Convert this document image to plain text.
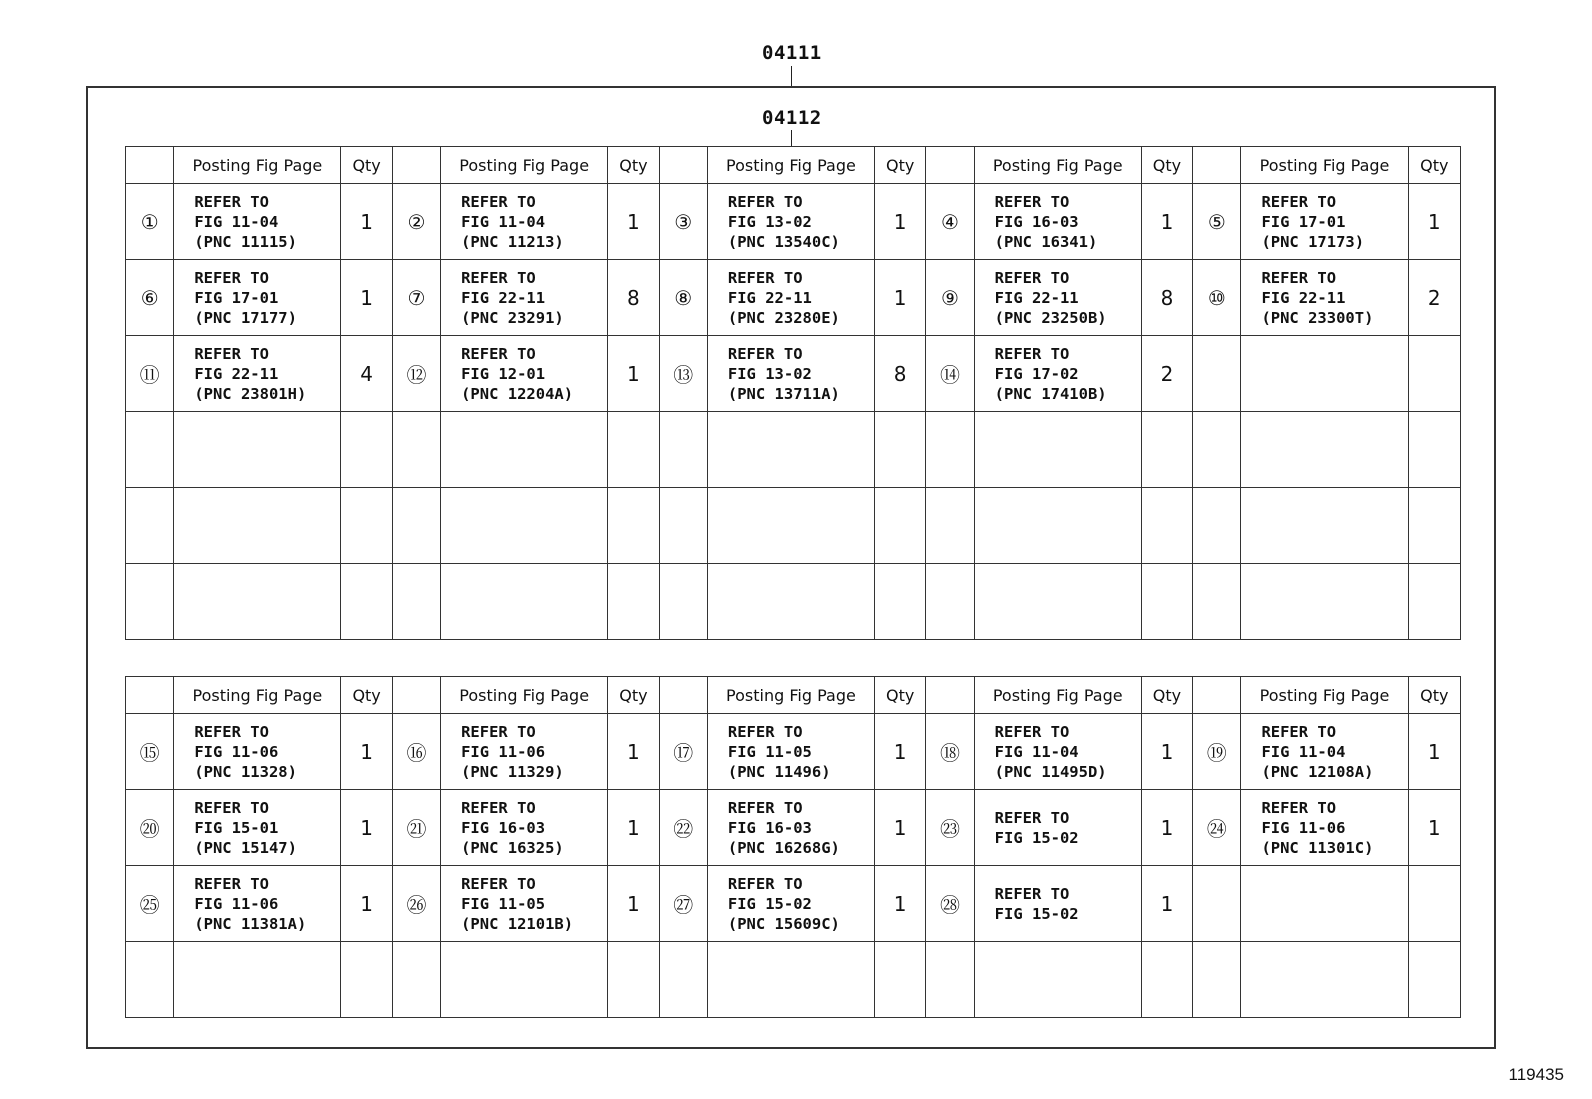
04111
04112
	Posting Fig Page	Qty		Posting Fig Page	Qty		Posting Fig Page	Qty		Posting Fig Page	Qty		Posting Fig Page	Qty
①	REFER TO
FIG 11-04
(PNC 11115)	1	②	REFER TO
FIG 11-04
(PNC 11213)	1	③	REFER TO
FIG 13-02
(PNC 13540C)	1	④	REFER TO
FIG 16-03
(PNC 16341)	1	⑤	REFER TO
FIG 17-01
(PNC 17173)	1
⑥	REFER TO
FIG 17-01
(PNC 17177)	1	⑦	REFER TO
FIG 22-11
(PNC 23291)	8	⑧	REFER TO
FIG 22-11
(PNC 23280E)	1	⑨	REFER TO
FIG 22-11
(PNC 23250B)	8	⑩	REFER TO
FIG 22-11
(PNC 23300T)	2
⑪	REFER TO
FIG 22-11
(PNC 23801H)	4	⑫	REFER TO
FIG 12-01
(PNC 12204A)	1	⑬	REFER TO
FIG 13-02
(PNC 13711A)	8	⑭	REFER TO
FIG 17-02
(PNC 17410B)	2			

	Posting Fig Page	Qty		Posting Fig Page	Qty		Posting Fig Page	Qty		Posting Fig Page	Qty		Posting Fig Page	Qty
⑮	REFER TO
FIG 11-06
(PNC 11328)	1	⑯	REFER TO
FIG 11-06
(PNC 11329)	1	⑰	REFER TO
FIG 11-05
(PNC 11496)	1	⑱	REFER TO
FIG 11-04
(PNC 11495D)	1	⑲	REFER TO
FIG 11-04
(PNC 12108A)	1
⑳	REFER TO
FIG 15-01
(PNC 15147)	1	㉑	REFER TO
FIG 16-03
(PNC 16325)	1	㉒	REFER TO
FIG 16-03
(PNC 16268G)	1	㉓	REFER TO
FIG 15-02	1	㉔	REFER TO
FIG 11-06
(PNC 11301C)	1
㉕	REFER TO
FIG 11-06
(PNC 11381A)	1	㉖	REFER TO
FIG 11-05
(PNC 12101B)	1	㉗	REFER TO
FIG 15-02
(PNC 15609C)	1	㉘	REFER TO
FIG 15-02	1			

119435
